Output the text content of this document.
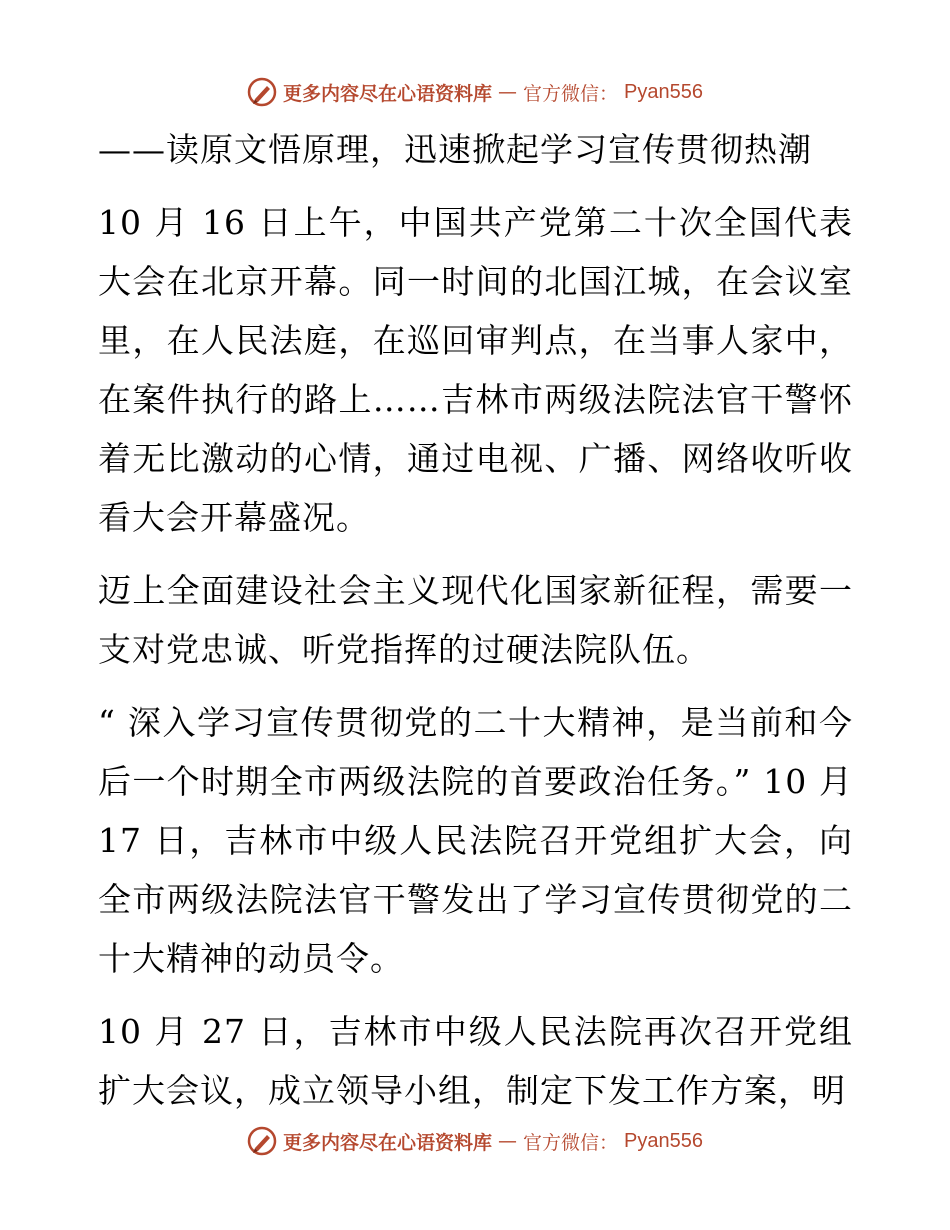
更多内容尽在心语资料库 — 官方微信： Pyan556

——读原文悟原理，迅速掀起学习宣传贯彻热潮

10 月 16 日上午，中国共产党第二十次全国代表大会在北京开幕。同一时间的北国江城，在会议室里，在人民法庭，在巡回审判点，在当事人家中，在案件执行的路上……吉林市两级法院法官干警怀着无比激动的心情，通过电视、广播、网络收听收看大会开幕盛况。

迈上全面建设社会主义现代化国家新征程，需要一支对党忠诚、听党指挥的过硬法院队伍。

“ 深入学习宣传贯彻党的二十大精神，是当前和今后一个时期全市两级法院的首要政治任务。” 10 月 17 日，吉林市中级人民法院召开党组扩大会，向全市两级法院法官干警发出了学习宣传贯彻党的二十大精神的动员令。

10 月 27 日，吉林市中级人民法院再次召开党组扩大会议，成立领导小组，制定下发工作方案，明

更多内容尽在心语资料库 — 官方微信： Pyan556
